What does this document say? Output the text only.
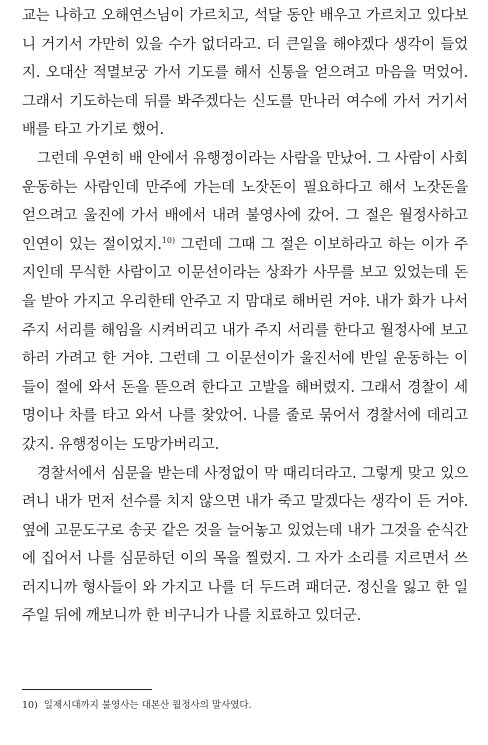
교는 나하고 오해연스님이 가르치고, 석달 동안 배우고 가르치고 있다보니 거기서 가만히 있을 수가 없더라고. 더 큰일을 해야겠다 생각이 들었지. 오대산 적멸보궁 가서 기도를 해서 신통을 얻으려고 마음을 먹었어. 그래서 기도하는데 뒤를 봐주겠다는 신도를 만나러 여수에 가서 거기서 배를 타고 가기로 했어.

그런데 우연히 배 안에서 유행정이라는 사람을 만났어. 그 사람이 사회운동하는 사람인데 만주에 가는데 노잣돈이 필요하다고 해서 노잣돈을 얻으려고 울진에 가서 배에서 내려 불영사에 갔어. 그 절은 월정사하고 인연이 있는 절이었지.$^{10)}$ 그런데 그때 그 절은 이보하라고 하는 이가 주지인데 무식한 사람이고 이문선이라는 상좌가 사무를 보고 있었는데 돈을 받아 가지고 우리한테 안주고 지 맘대로 해버린 거야. 내가 화가 나서 주지 서리를 해임을 시켜버리고 내가 주지 서리를 한다고 월정사에 보고하러 가려고 한 거야. 그런데 그 이문선이가 울진서에 반일 운동하는 이들이 절에 와서 돈을 뜯으려 한다고 고발을 해버렸지. 그래서 경찰이 세 명이나 차를 타고 와서 나를 찾았어. 나를 줄로 묶어서 경찰서에 데리고 갔지. 유행정이는 도망가버리고.

경찰서에서 심문을 받는데 사정없이 막 때리더라고. 그렇게 맞고 있으려니 내가 먼저 선수를 치지 않으면 내가 죽고 말겠다는 생각이 든 거야. 옆에 고문도구로 송곳 같은 것을 늘어놓고 있었는데 내가 그것을 순식간에 집어서 나를 심문하던 이의 목을 찔렀지. 그 자가 소리를 지르면서 쓰러지니까 형사들이 와 가지고 나를 더 두드려 패더군. 정신을 잃고 한 일주일 뒤에 깨보니까 한 비구니가 나를 치료하고 있더군.

10) 일제시대까지 불영사는 대본산 월정사의 말사였다.
